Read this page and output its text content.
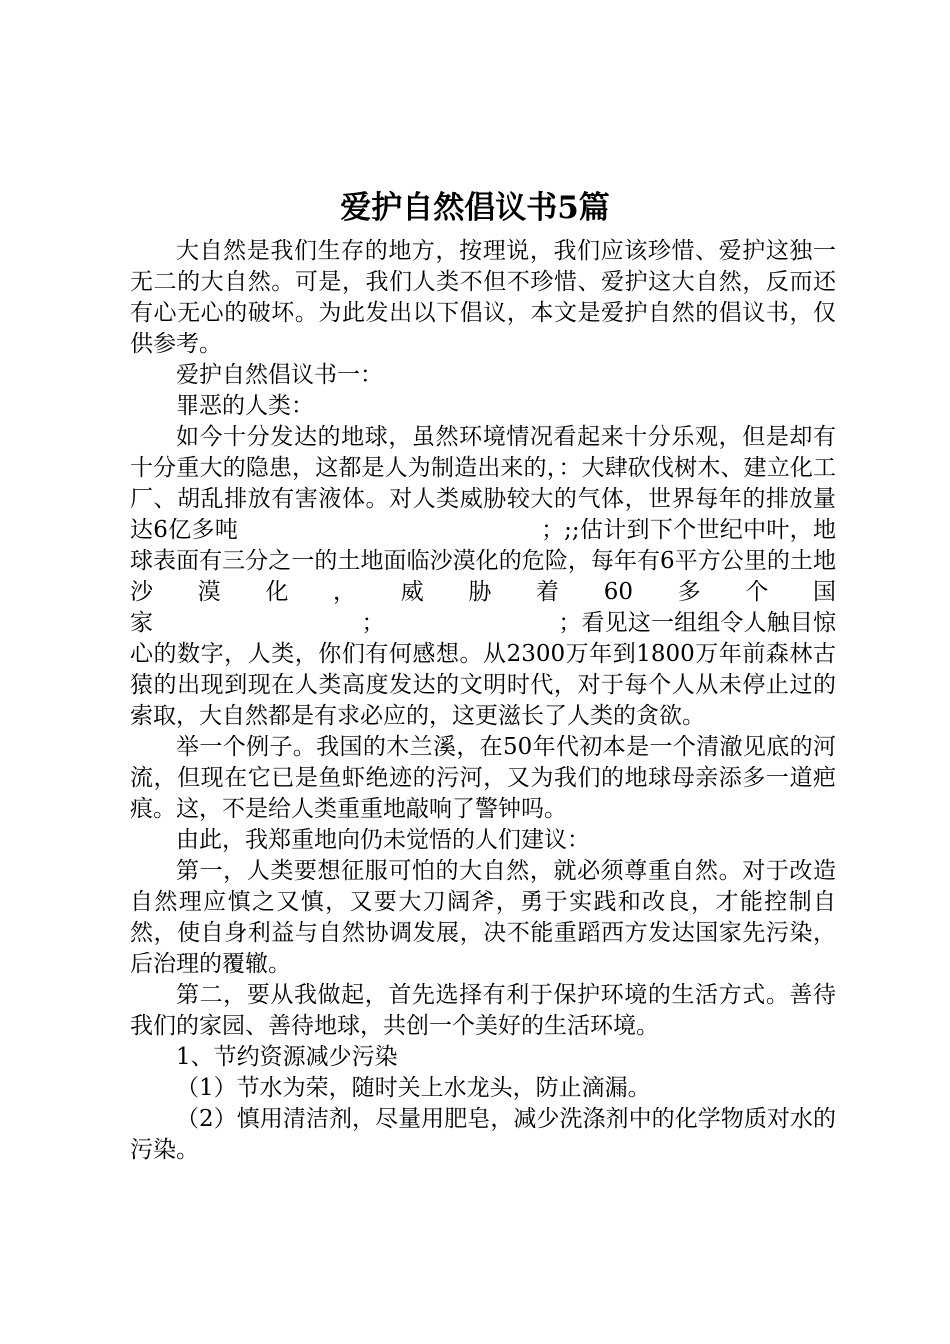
爱护自然倡议书5篇

大自然是我们生存的地方，按理说，我们应该珍惜、爱护这独一无二的大自然。可是，我们人类不但不珍惜、爱护这大自然，反而还有心无心的破坏。为此发出以下倡议，本文是爱护自然的倡议书，仅供参考。

爱护自然倡议书一：

罪恶的人类：

如今十分发达的地球，虽然环境情况看起来十分乐观，但是却有十分重大的隐患，这都是人为制造出来的，：大肆砍伐树木、建立化工厂、胡乱排放有害液体。对人类威胁较大的气体，世界每年的排放量达6亿多吨　　　　　　　　　　　　　；;;估计到下个世纪中叶，地球表面有三分之一的土地面临沙漠化的危险，每年有6平方公里的土地沙漠化，威胁着60多个国家　　　　　　　　　；　　　　　　　　；看见这一组组令人触目惊心的数字，人类，你们有何感想。从2300万年到1800万年前森林古猿的出现到现在人类高度发达的文明时代，对于每个人从未停止过的索取，大自然都是有求必应的，这更滋长了人类的贪欲。

举一个例子。我国的木兰溪，在50年代初本是一个清澈见底的河流，但现在它已是鱼虾绝迹的污河，又为我们的地球母亲添多一道疤痕。这，不是给人类重重地敲响了警钟吗。

由此，我郑重地向仍未觉悟的人们建议：

第一，人类要想征服可怕的大自然，就必须尊重自然。对于改造自然理应慎之又慎，又要大刀阔斧，勇于实践和改良，才能控制自然，使自身利益与自然协调发展，决不能重蹈西方发达国家先污染，后治理的覆辙。

第二，要从我做起，首先选择有利于保护环境的生活方式。善待我们的家园、善待地球，共创一个美好的生活环境。

1、节约资源减少污染

（1）节水为荣，随时关上水龙头，防止滴漏。

（2）慎用清洁剂，尽量用肥皂，减少洗涤剂中的化学物质对水的污染。
